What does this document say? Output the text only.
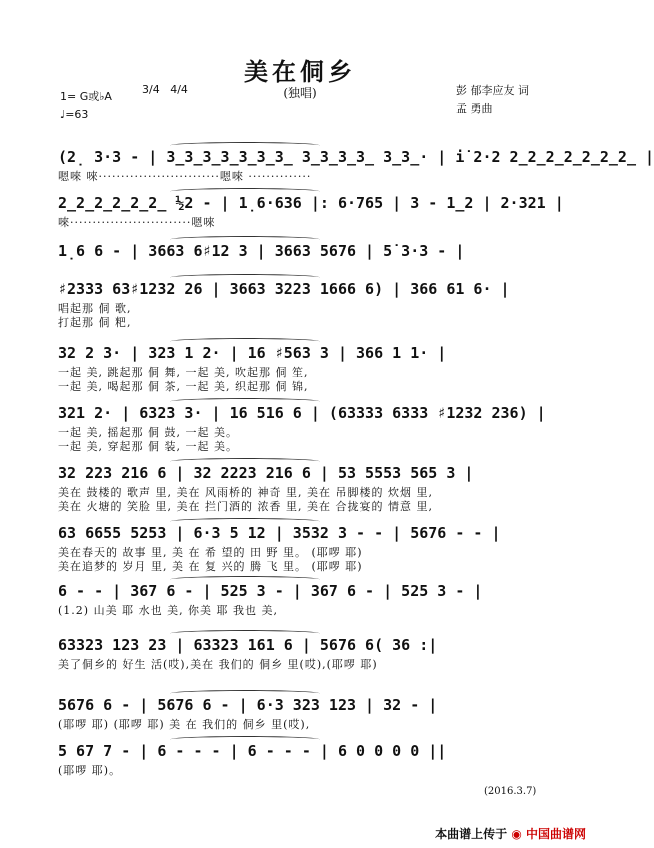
美在侗乡
(独唱)
1= G或♭A
3/4 4/4
♩=63
彭 郁李应友 词
孟 勇曲
(2̣ 3·3 - | 3̲3̲3̲3̲3̲3̲3̲ 3̲3̲3̲3̲ 3̲3̲· | i̇ 2·2 2̲2̲2̲2̲2̲2̲2̲ |
嗯唻 唻···························嗯唻 ··············
2̲2̲2̲2̲2̲2̲ ½2 - | 1̣6·636 |: 6·765 | 3 - 1̲2 | 2·321 |
唻···························嗯唻
1̣6 6 - | 3663 6♯12 3 | 3663 5676 | 5̇ 3·3 - |
♯2333 63♯1232 26 | 3663 3223 1666 6) | 366 61 6· |
唱起那 侗 歌,
打起那 侗 粑,
32 2 3· | 323 1 2· | 16 ♯563 3 | 366 1 1· |
一起 美, 跳起那 侗 舞, 一起 美, 吹起那 侗 笙,
一起 美, 喝起那 侗 茶, 一起 美, 织起那 侗 锦,
321 2· | 6323 3· | 16 516 6 | (63333 6333 ♯1232 236) |
一起 美, 摇起那 侗 鼓, 一起 美。
一起 美, 穿起那 侗 装, 一起 美。
32 223 216 6 | 32 2223 216 6 | 53 5553 565 3 |
美在 鼓楼的 歌声 里, 美在 风雨桥的 神奇 里, 美在 吊脚楼的 炊烟 里,
美在 火塘的 笑脸 里, 美在 拦门酒的 浓香 里, 美在 合拢宴的 情意 里,
63 6655 5253 | 6·3 5 12 | 3532 3 - - | 5676 - - |
美在春天的 故事 里, 美 在 希 望的 田 野 里。 (耶啰 耶)
美在追梦的 岁月 里, 美 在 复 兴的 腾 飞 里。 (耶啰 耶)
6 - - | 367 6 - | 525 3 - | 367 6 - | 525 3 - |
(1.2) 山美 耶 水也 美, 你美 耶 我也 美,
63323 123 23 | 63323 161 6 | 5676 6( 36 :|
美了侗乡的 好生 活(哎),美在 我们的 侗乡 里(哎),(耶啰 耶)
5676 6 - | 5676 6 - | 6·3 323 123 | 32 - |
(耶啰 耶) (耶啰 耶) 美 在 我们的 侗乡 里(哎),
5 67 7 - | 6 - - - | 6 - - - | 6 0 0 0 0 ||
(耶啰 耶)。
(2016.3.7)
本曲谱上传于 ◉ 中国曲谱网
